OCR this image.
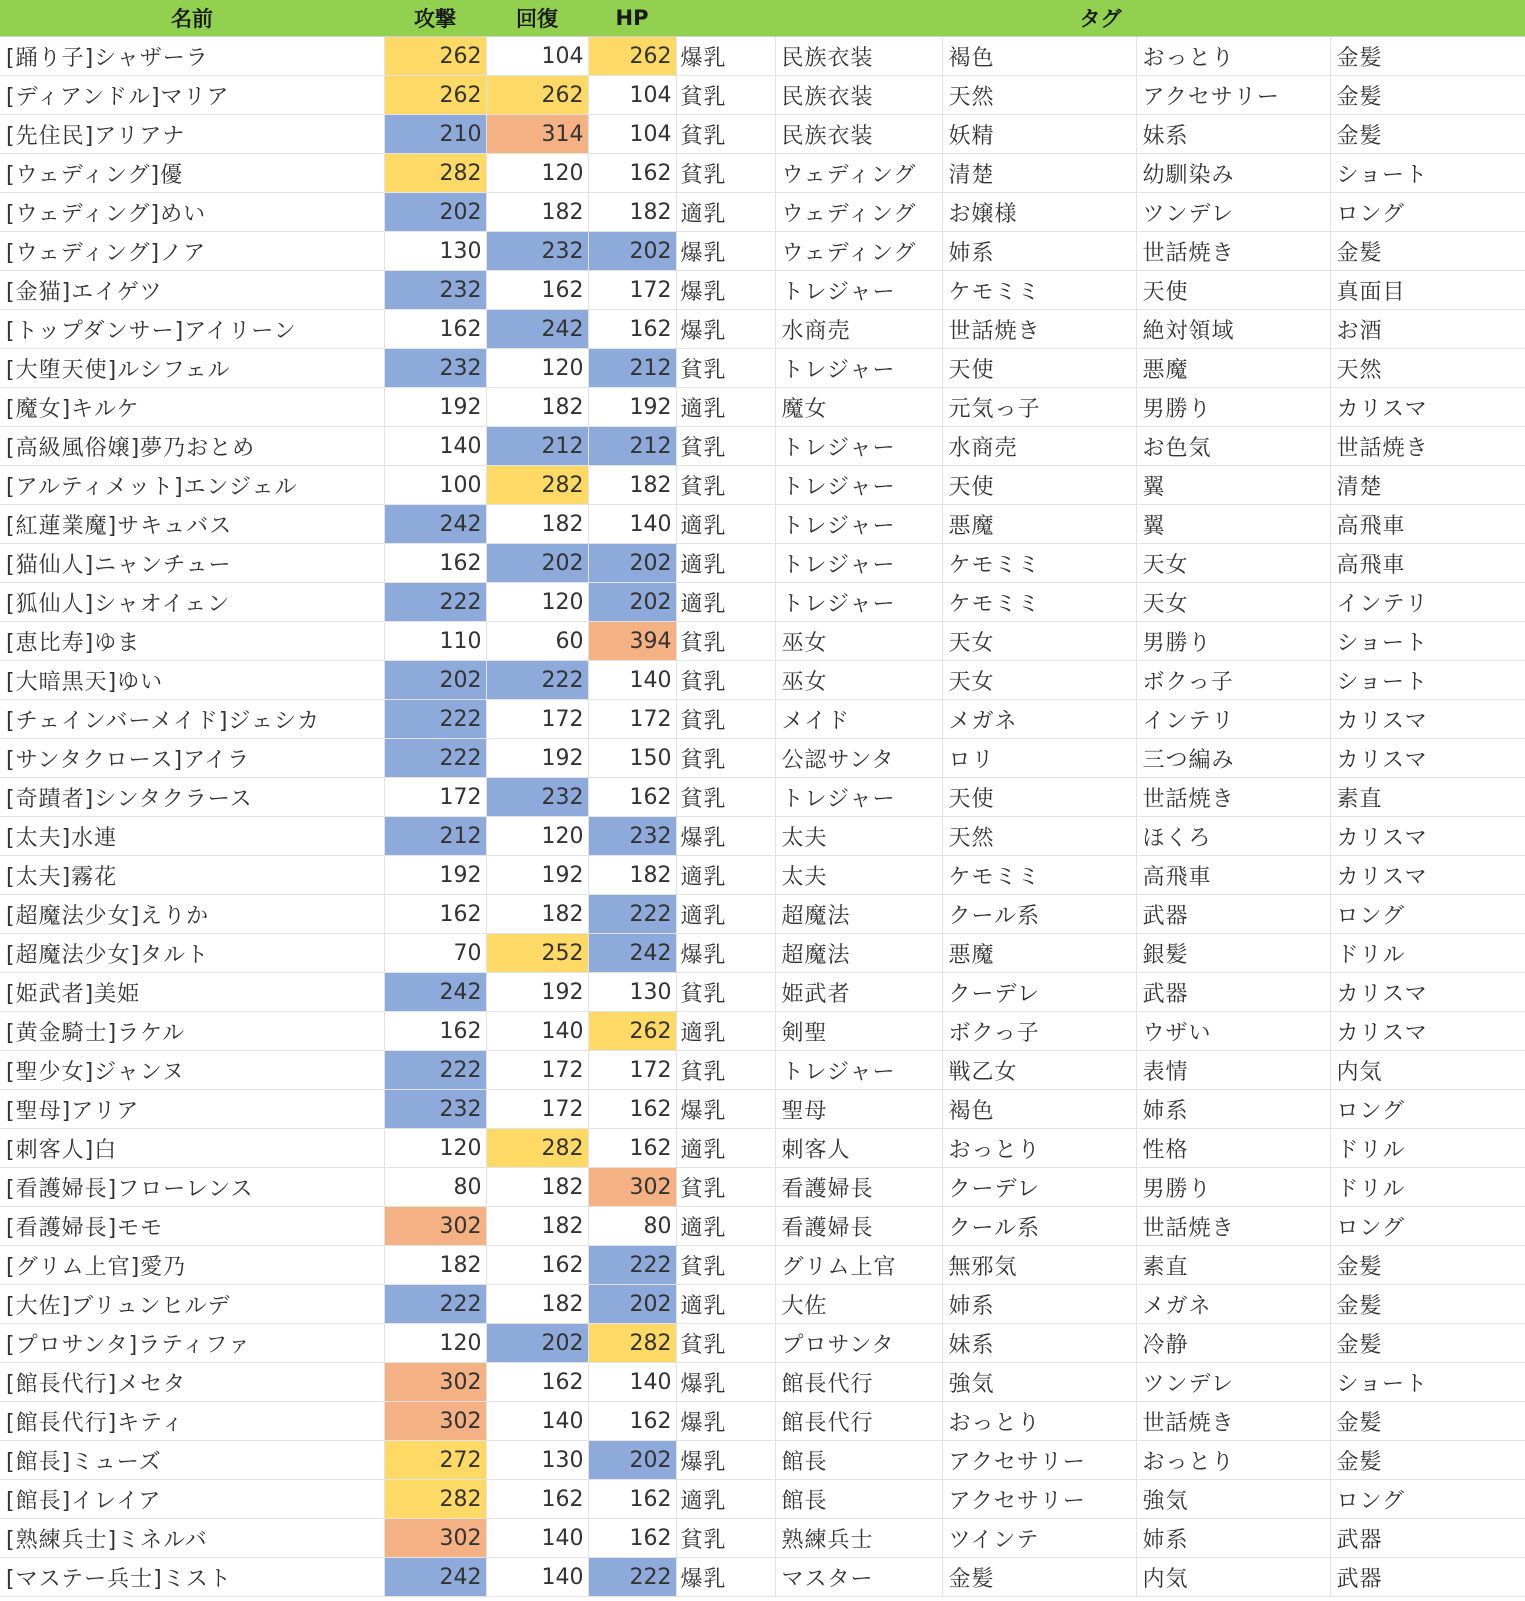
名前	攻撃	回復	HP	タグ				
[踊り子]シャザーラ	262	104	262	爆乳	民族衣装	褐色	おっとり	金髪
[ディアンドル]マリア	262	262	104	貧乳	民族衣装	天然	アクセサリー	金髪
[先住民]アリアナ	210	314	104	貧乳	民族衣装	妖精	妹系	金髪
[ウェディング]優	282	120	162	貧乳	ウェディング	清楚	幼馴染み	ショート
[ウェディング]めい	202	182	182	適乳	ウェディング	お嬢様	ツンデレ	ロング
[ウェディング]ノア	130	232	202	爆乳	ウェディング	姉系	世話焼き	金髪
[金猫]エイゲツ	232	162	172	爆乳	トレジャー	ケモミミ	天使	真面目
[トップダンサー]アイリーン	162	242	162	爆乳	水商売	世話焼き	絶対領域	お酒
[大堕天使]ルシフェル	232	120	212	貧乳	トレジャー	天使	悪魔	天然
[魔女]キルケ	192	182	192	適乳	魔女	元気っ子	男勝り	カリスマ
[高級風俗嬢]夢乃おとめ	140	212	212	貧乳	トレジャー	水商売	お色気	世話焼き
[アルティメット]エンジェル	100	282	182	貧乳	トレジャー	天使	翼	清楚
[紅蓮業魔]サキュバス	242	182	140	適乳	トレジャー	悪魔	翼	高飛車
[猫仙人]ニャンチュー	162	202	202	適乳	トレジャー	ケモミミ	天女	高飛車
[狐仙人]シャオイェン	222	120	202	適乳	トレジャー	ケモミミ	天女	インテリ
[恵比寿]ゆま	110	60	394	貧乳	巫女	天女	男勝り	ショート
[大暗黒天]ゆい	202	222	140	貧乳	巫女	天女	ボクっ子	ショート
[チェインバーメイド]ジェシカ	222	172	172	貧乳	メイド	メガネ	インテリ	カリスマ
[サンタクロース]アイラ	222	192	150	貧乳	公認サンタ	ロリ	三つ編み	カリスマ
[奇蹟者]シンタクラース	172	232	162	貧乳	トレジャー	天使	世話焼き	素直
[太夫]水連	212	120	232	爆乳	太夫	天然	ほくろ	カリスマ
[太夫]霧花	192	192	182	適乳	太夫	ケモミミ	高飛車	カリスマ
[超魔法少女]えりか	162	182	222	適乳	超魔法	クール系	武器	ロング
[超魔法少女]タルト	70	252	242	爆乳	超魔法	悪魔	銀髪	ドリル
[姫武者]美姫	242	192	130	貧乳	姫武者	クーデレ	武器	カリスマ
[黄金騎士]ラケル	162	140	262	適乳	剣聖	ボクっ子	ウザい	カリスマ
[聖少女]ジャンヌ	222	172	172	貧乳	トレジャー	戦乙女	表情	内気
[聖母]アリア	232	172	162	爆乳	聖母	褐色	姉系	ロング
[刺客人]白	120	282	162	適乳	刺客人	おっとり	性格	ドリル
[看護婦長]フローレンス	80	182	302	貧乳	看護婦長	クーデレ	男勝り	ドリル
[看護婦長]モモ	302	182	80	適乳	看護婦長	クール系	世話焼き	ロング
[グリム上官]愛乃	182	162	222	貧乳	グリム上官	無邪気	素直	金髪
[大佐]ブリュンヒルデ	222	182	202	適乳	大佐	姉系	メガネ	金髪
[プロサンタ]ラティファ	120	202	282	貧乳	プロサンタ	妹系	冷静	金髪
[館長代行]メセタ	302	162	140	爆乳	館長代行	強気	ツンデレ	ショート
[館長代行]キティ	302	140	162	爆乳	館長代行	おっとり	世話焼き	金髪
[館長]ミューズ	272	130	202	爆乳	館長	アクセサリー	おっとり	金髪
[館長]イレイア	282	162	162	適乳	館長	アクセサリー	強気	ロング
[熟練兵士]ミネルバ	302	140	162	貧乳	熟練兵士	ツインテ	姉系	武器
[マステー兵士]ミスト	242	140	222	爆乳	マスター	金髪	内気	武器
